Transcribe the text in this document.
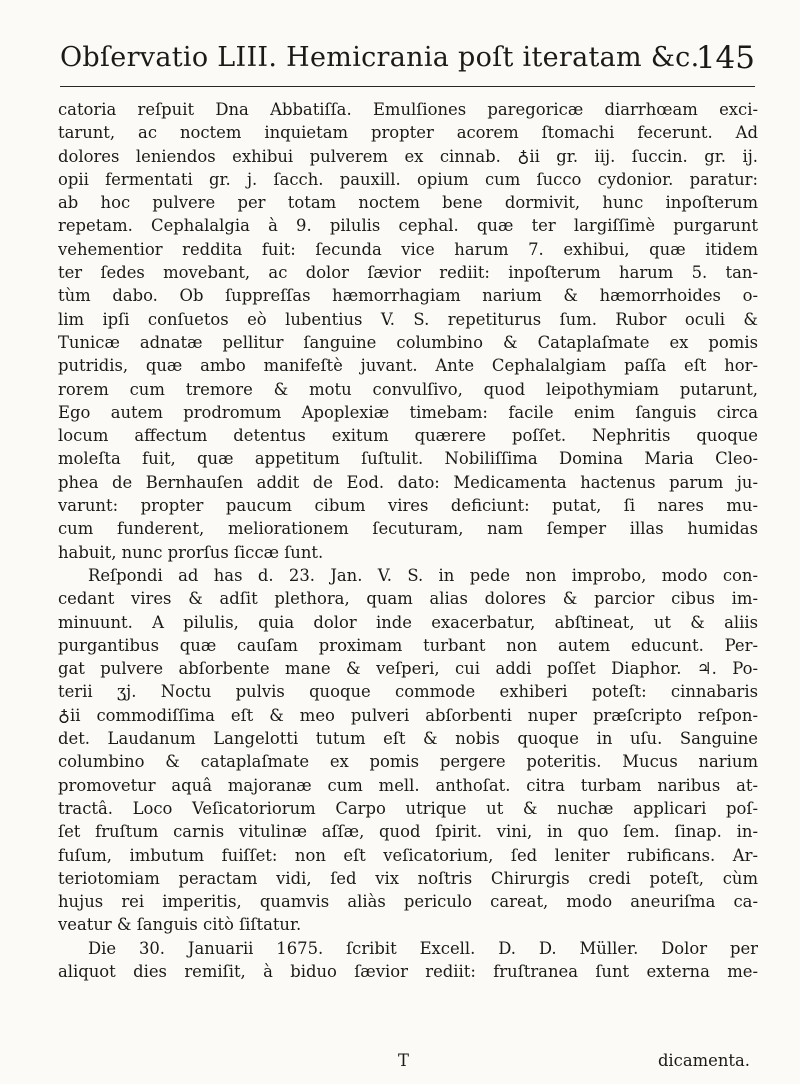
Obſervatio LIII. Hemicrania poſt iteratam &c.
145
catoria reſpuit Dna Abbatiſſa. Emulſiones paregoricæ diarrhœam exci-
tarunt, ac noctem inquietam propter acorem ſtomachi fecerunt. Ad
dolores leniendos exhibui pulverem ex cinnab. ♁ii gr. iij. ſuccin. gr. ij.
opii fermentati gr. j. ſacch. pauxill. opium cum ſucco cydonior. paratur:
ab hoc pulvere per totam noctem bene dormivit, hunc inpoſterum
repetam. Cephalalgia à 9. pilulis cephal. quæ ter largiſſimè purgarunt
vehementior reddita fuit: ſecunda vice harum 7. exhibui, quæ itidem
ter ſedes movebant, ac dolor ſævior rediit: inpoſterum harum 5. tan-
tùm dabo. Ob ſuppreſſas hæmorrhagiam narium & hæmorrhoides o-
lim ipſi conſuetos eò lubentius V. S. repetiturus ſum. Rubor oculi &
Tunicæ adnatæ pellitur ſanguine columbino & Cataplaſmate ex pomis
putridis, quæ ambo manifeſtè juvant. Ante Cephalalgiam paſſa eſt hor-
rorem cum tremore & motu convulſivo, quod leipothymiam putarunt,
Ego autem prodromum Apoplexiæ timebam: facile enim ſanguis circa
locum affectum detentus exitum quærere poſſet. Nephritis quoque
moleſta fuit, quæ appetitum ſuſtulit. Nobiliſſima Domina Maria Cleo-
phea de Bernhauſen addit de Eod. dato: Medicamenta hactenus parum ju-
varunt: propter paucum cibum vires deficiunt: putat, ſi nares mu-
cum funderent, meliorationem ſecuturam, nam ſemper illas humidas
habuit, nunc prorſus ſiccæ ſunt.
Reſpondi ad has d. 23. Jan. V. S. in pede non improbo, modo con-
cedant vires & adſit plethora, quam alias dolores & parcior cibus im-
minuunt. A pilulis, quia dolor inde exacerbatur, abſtineat, ut & aliis
purgantibus quæ cauſam proximam turbant non autem educunt. Per-
gat pulvere abſorbente mane & veſperi, cui addi poſſet Diaphor. ♃. Po-
terii ʒj. Noctu pulvis quoque commode exhiberi poteſt: cinnabaris
♁ii commodiſſima eſt & meo pulveri abſorbenti nuper præſcripto reſpon-
det. Laudanum Langelotti tutum eſt & nobis quoque in uſu. Sanguine
columbino & cataplaſmate ex pomis pergere poteritis. Mucus narium
promovetur aquâ majoranæ cum mell. anthoſat. citra turbam naribus at-
tractâ. Loco Veſicatoriorum Carpo utrique ut & nuchæ applicari poſ-
ſet fruſtum carnis vitulinæ aſſæ, quod ſpirit. vini, in quo ſem. ſinap. in-
fuſum, imbutum fuiſſet: non eſt veſicatorium, ſed leniter rubificans. Ar-
teriotomiam peractam vidi, ſed vix noſtris Chirurgis credi poteſt, cùm
hujus rei imperitis, quamvis aliàs periculo careat, modo aneuriſma ca-
veatur & ſanguis citò ſiſtatur.
Die 30. Januarii 1675. ſcribit Excell. D. D. Müller. Dolor per
aliquot dies remiſit, à biduo ſævior rediit: fruſtranea ſunt externa me-
T	dicamenta.
